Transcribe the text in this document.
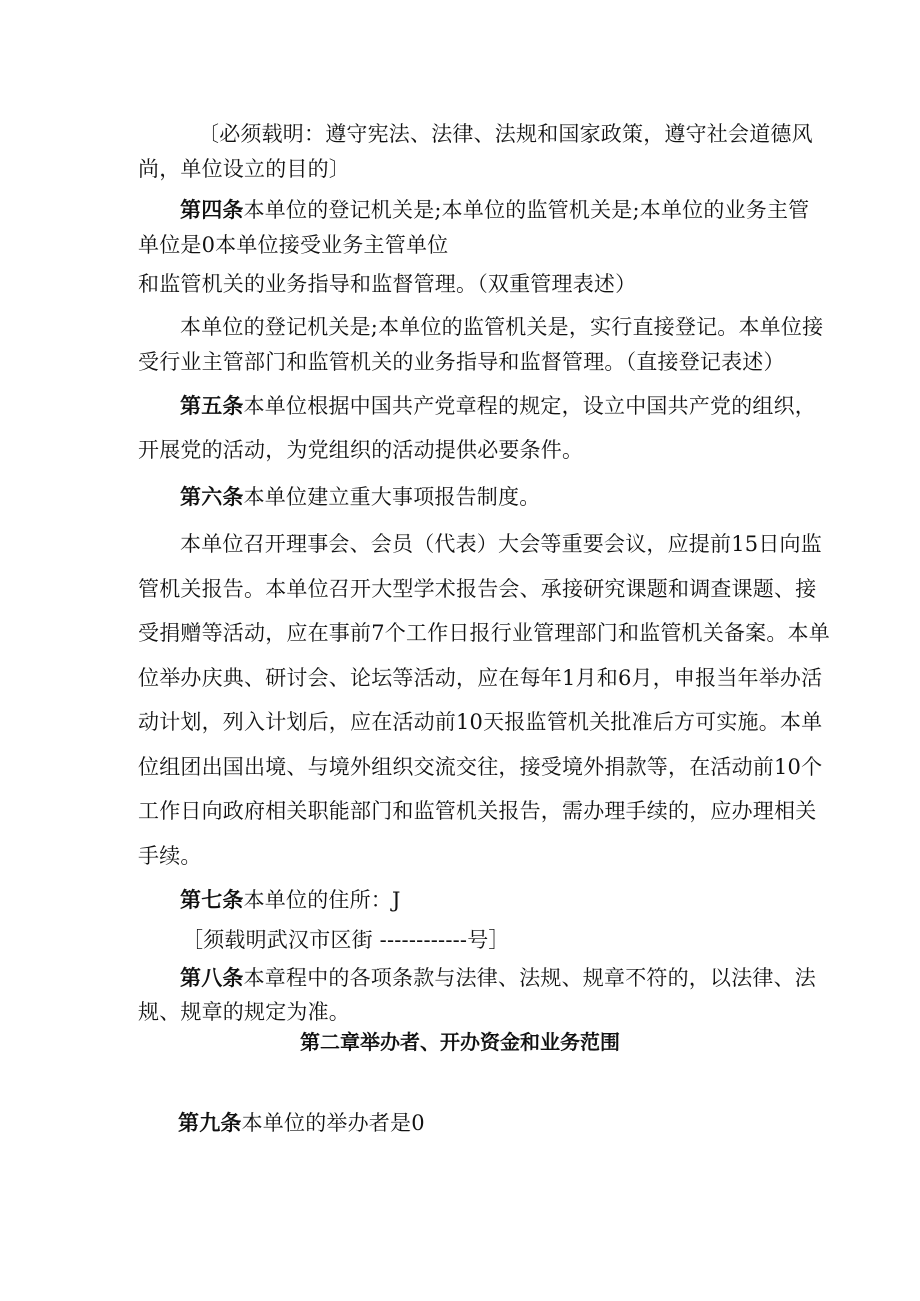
〔必须载明：遵守宪法、法律、法规和国家政策，遵守社会道德风
尚，单位设立的目的〕
第四条本单位的登记机关是;本单位的监管机关是;本单位的业务主管
单位是0本单位接受业务主管单位
和监管机关的业务指导和监督管理。（双重管理表述）
本单位的登记机关是;本单位的监管机关是，实行直接登记。本单位接
受行业主管部门和监管机关的业务指导和监督管理。（直接登记表述）
第五条本单位根据中国共产党章程的规定，设立中国共产党的组织，
开展党的活动，为党组织的活动提供必要条件。
第六条本单位建立重大事项报告制度。
本单位召开理事会、会员（代表）大会等重要会议，应提前15日向监
管机关报告。本单位召开大型学术报告会、承接研究课题和调查课题、接
受捐赠等活动，应在事前7个工作日报行业管理部门和监管机关备案。本单
位举办庆典、研讨会、论坛等活动，应在每年1月和6月，申报当年举办活
动计划，列入计划后，应在活动前10天报监管机关批准后方可实施。本单
位组团出国出境、与境外组织交流交往，接受境外捐款等，在活动前10个
工作日向政府相关职能部门和监管机关报告，需办理手续的，应办理相关
手续。
第七条本单位的住所：J
［须载明武汉市区街 ------------号］
第八条本章程中的各项条款与法律、法规、规章不符的，以法律、法
规、规章的规定为准。
第二章举办者、开办资金和业务范围
第九条本单位的举办者是0
